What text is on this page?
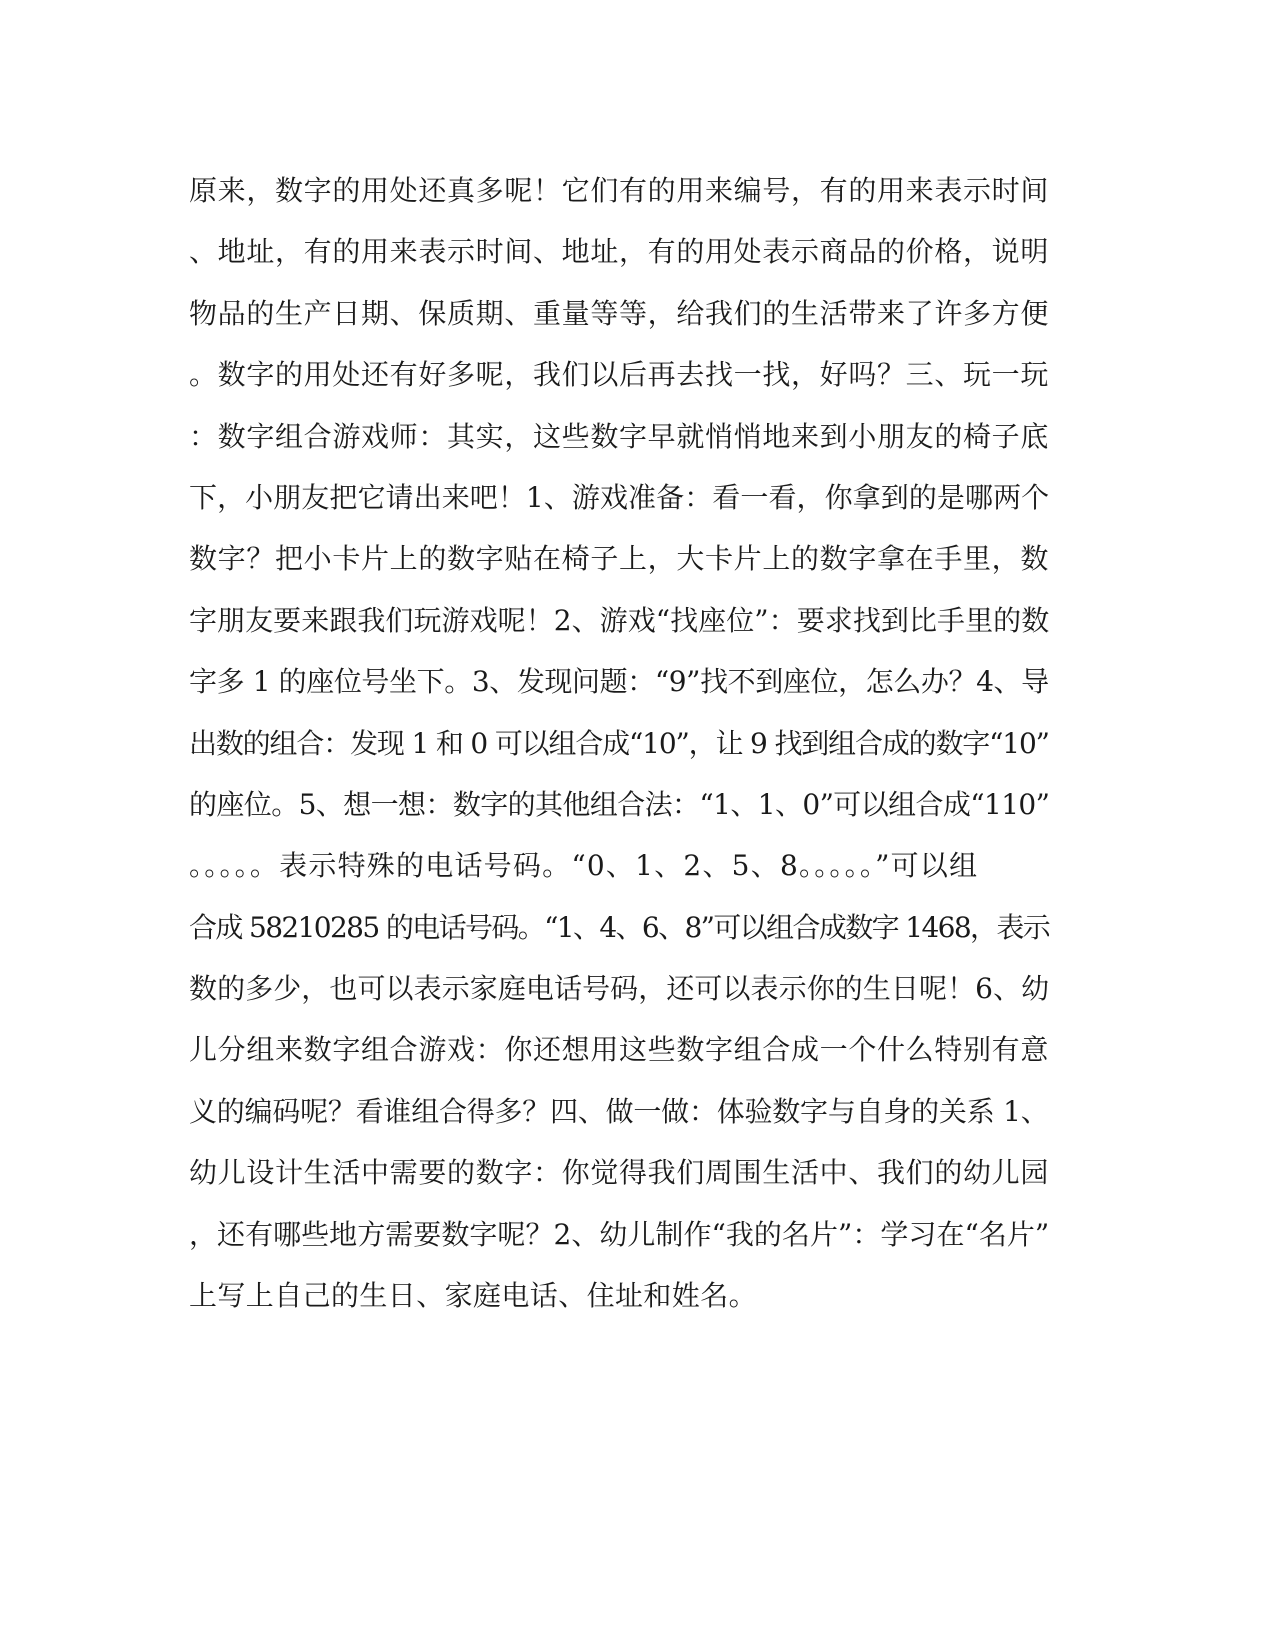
原来，数字的用处还真多呢！它们有的用来编号，有的用来表示时间
、地址，有的用来表示时间、地址，有的用处表示商品的价格，说明
物品的生产日期、保质期、重量等等，给我们的生活带来了许多方便
。数字的用处还有好多呢，我们以后再去找一找，好吗？三、玩一玩
：数字组合游戏师：其实，这些数字早就悄悄地来到小朋友的椅子底
下，小朋友把它请出来吧！1、游戏准备：看一看，你拿到的是哪两个
数字？把小卡片上的数字贴在椅子上，大卡片上的数字拿在手里，数
字朋友要来跟我们玩游戏呢！2、游戏“找座位”：要求找到比手里的数
字多 1 的座位号坐下。3、发现问题：“9”找不到座位，怎么办？4、导
出数的组合：发现 1 和 0 可以组合成“10”，让 9 找到组合成的数字“10”
的座位。5、想一想：数字的其他组合法：“1、1、0”可以组合成“110”
。。。。。表示特殊的电话号码。“0、1、2、5、8。。。。。”可以组
合成 58210285 的电话号码。“1、4、6、8”可以组合成数字 1468，表示
数的多少，也可以表示家庭电话号码，还可以表示你的生日呢！6、幼
儿分组来数字组合游戏：你还想用这些数字组合成一个什么特别有意
义的编码呢？看谁组合得多？四、做一做：体验数字与自身的关系 1、
幼儿设计生活中需要的数字：你觉得我们周围生活中、我们的幼儿园
，还有哪些地方需要数字呢？2、幼儿制作“我的名片”：学习在“名片”
上写上自己的生日、家庭电话、住址和姓名。
